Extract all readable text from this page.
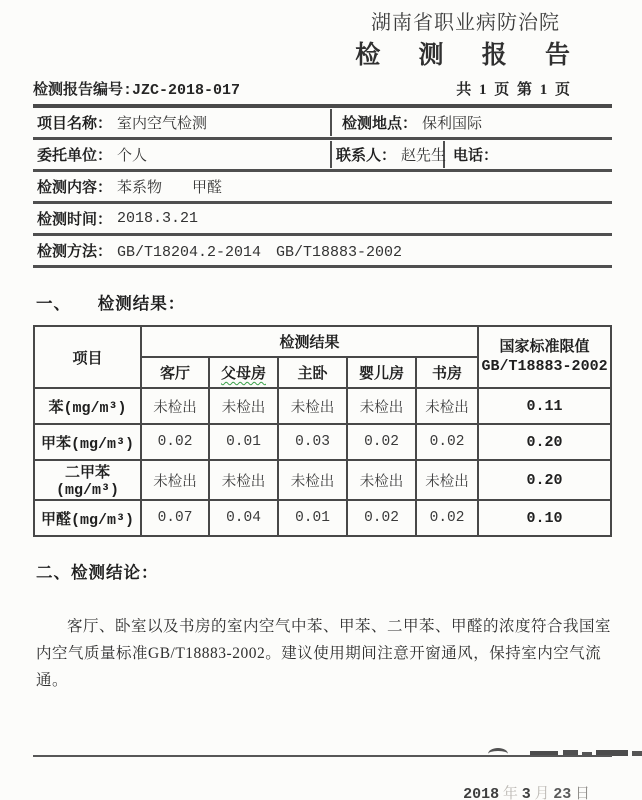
湖南省职业病防治院
检 测 报 告
检测报告编号:JZC-2018-017	共 1 页 第 1 页
项目名称： 室内空气检测	检测地点： 保利国际
委托单位： 个人	联系人： 赵先生 电话：
检测内容： 苯系物　　甲醛
检测时间： 2018.3.21
检测方法： GB/T18204.2-2014　GB/T18883-2002
一、　　检测结果：
项目	检测结果					国家标准限值
GB/T18883-2002

	客厅	父母房	主卧	婴儿房	书房	
苯(mg/m³)	未检出	未检出	未检出	未检出	未检出	0.11
甲苯(mg/m³)	0.02	0.01	0.03	0.02	0.02	0.20
二甲苯(mg/m³)	未检出	未检出	未检出	未检出	未检出	0.20
甲醛(mg/m³)	0.07	0.04	0.01	0.02	0.02	0.10
二、检测结论：
客厅、卧室以及书房的室内空气中苯、甲苯、二甲苯、甲醛的浓度符合我国室内空气质量标准GB/T18883-2002。建议使用期间注意开窗通风，保持室内空气流通。

2018 年 3 月 23 日
